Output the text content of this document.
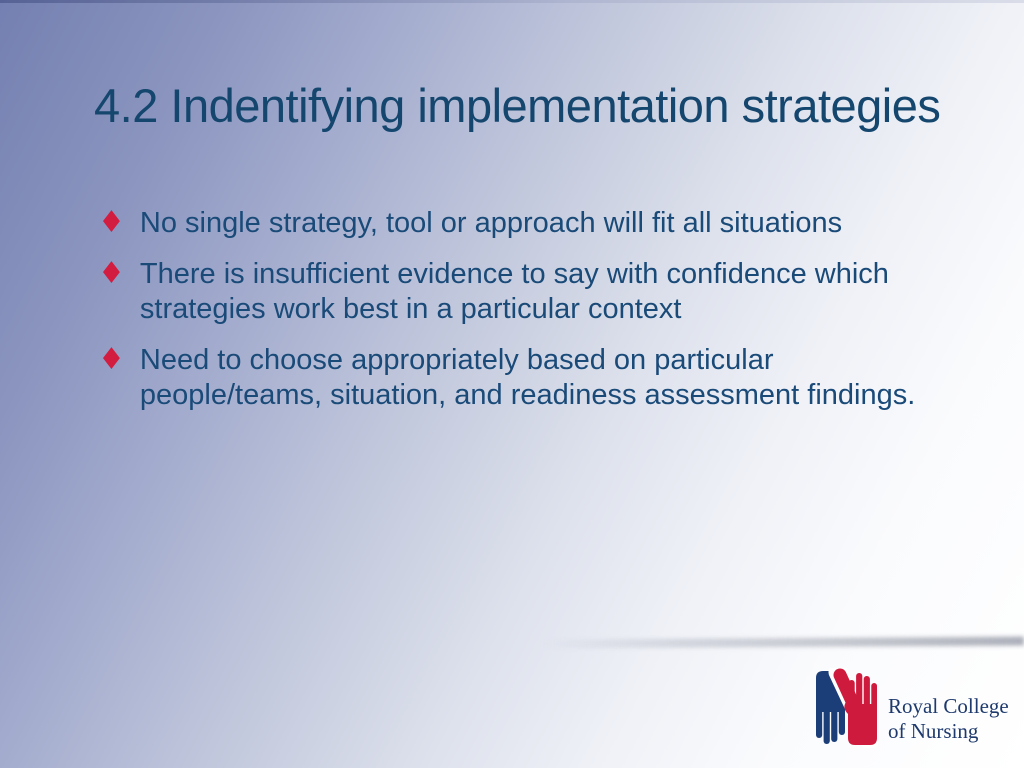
4.2 Indentifying implementation strategies
♦ No single strategy, tool or approach will fit all situations
♦ There is insufficient evidence to say with confidence which strategies work best in a particular context
♦ Need to choose appropriately based on particular people/teams, situation, and readiness assessment findings.
Royal College
of Nursing
